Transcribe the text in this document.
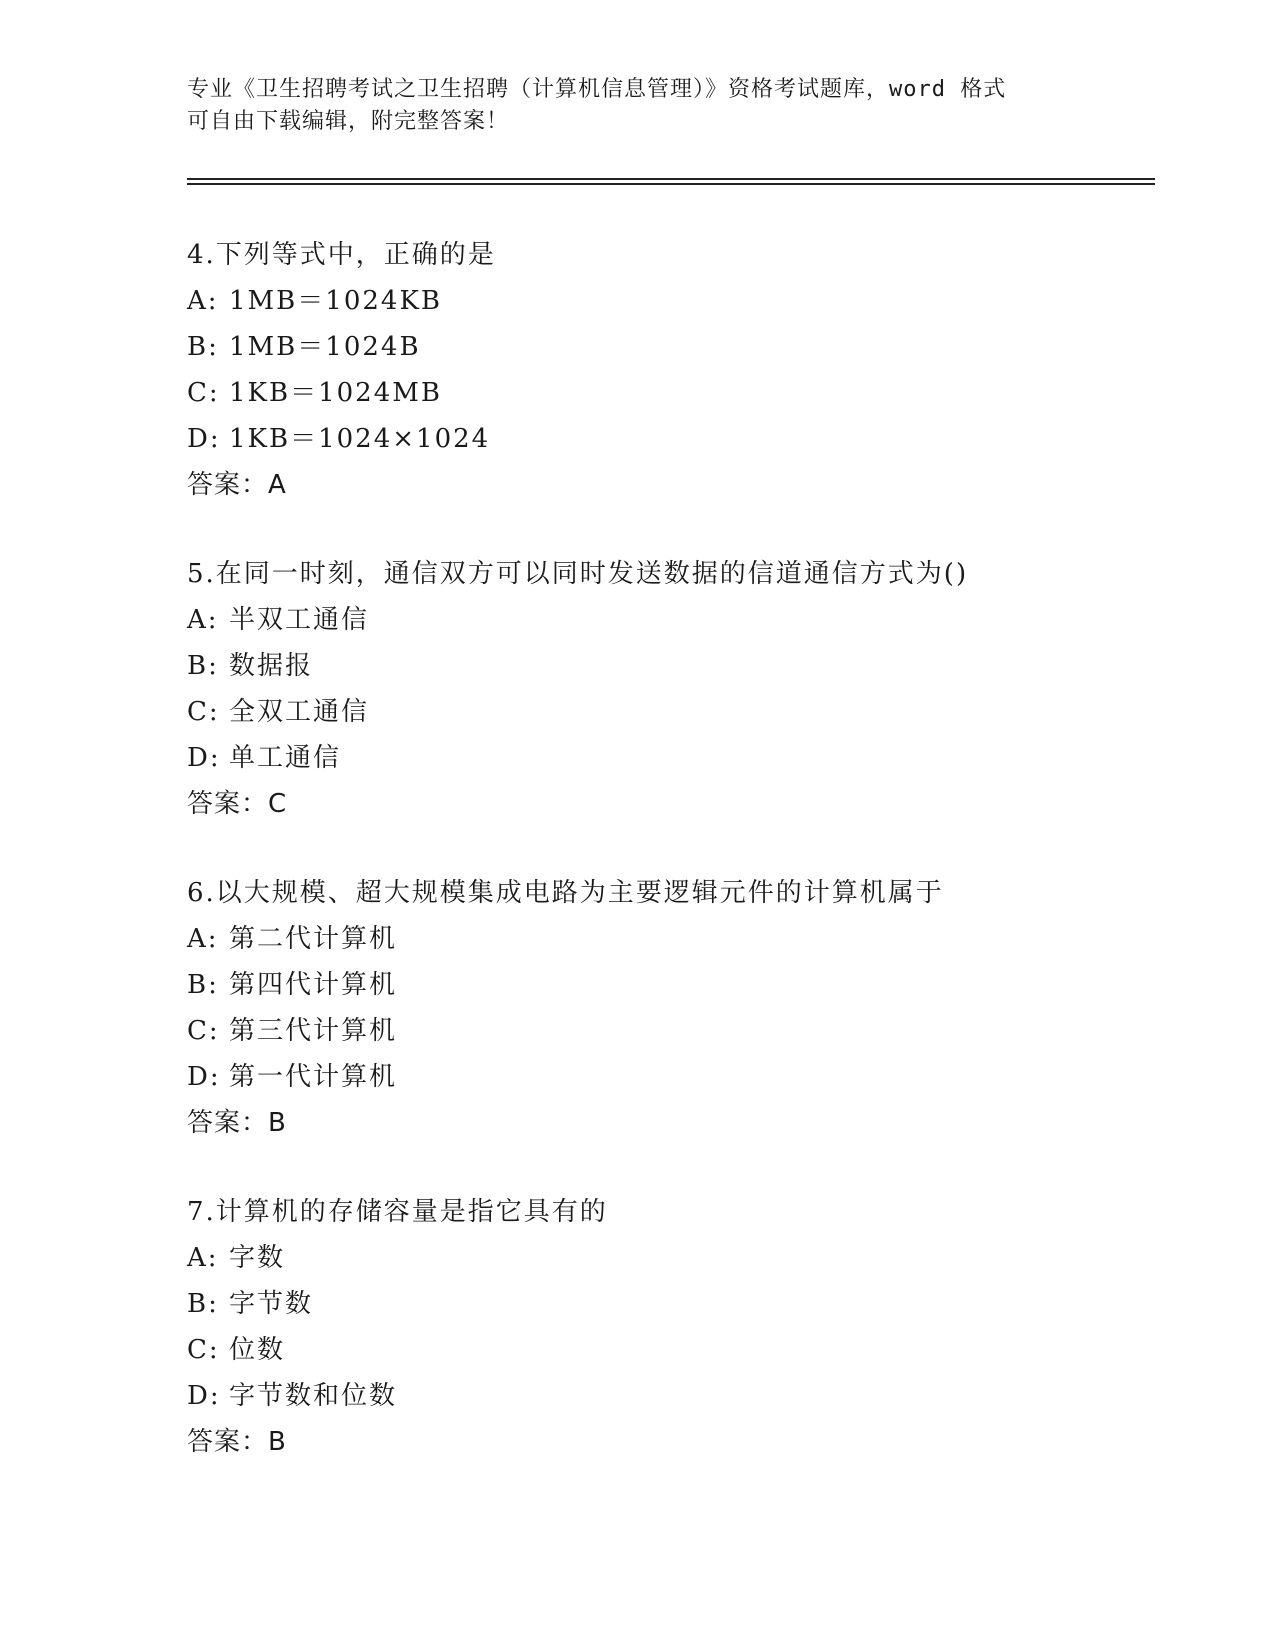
专业《卫生招聘考试之卫生招聘（计算机信息管理）》资格考试题库，word 格式
可自由下载编辑，附完整答案！
4.下列等式中，正确的是
A: 1MB＝1024KB
B: 1MB＝1024B
C: 1KB＝1024MB
D: 1KB＝1024×1024
答案：A
5.在同一时刻，通信双方可以同时发送数据的信道通信方式为()
A: 半双工通信
B: 数据报
C: 全双工通信
D: 单工通信
答案：C
6.以大规模、超大规模集成电路为主要逻辑元件的计算机属于
A: 第二代计算机
B: 第四代计算机
C: 第三代计算机
D: 第一代计算机
答案：B
7.计算机的存储容量是指它具有的
A: 字数
B: 字节数
C: 位数
D: 字节数和位数
答案：B
